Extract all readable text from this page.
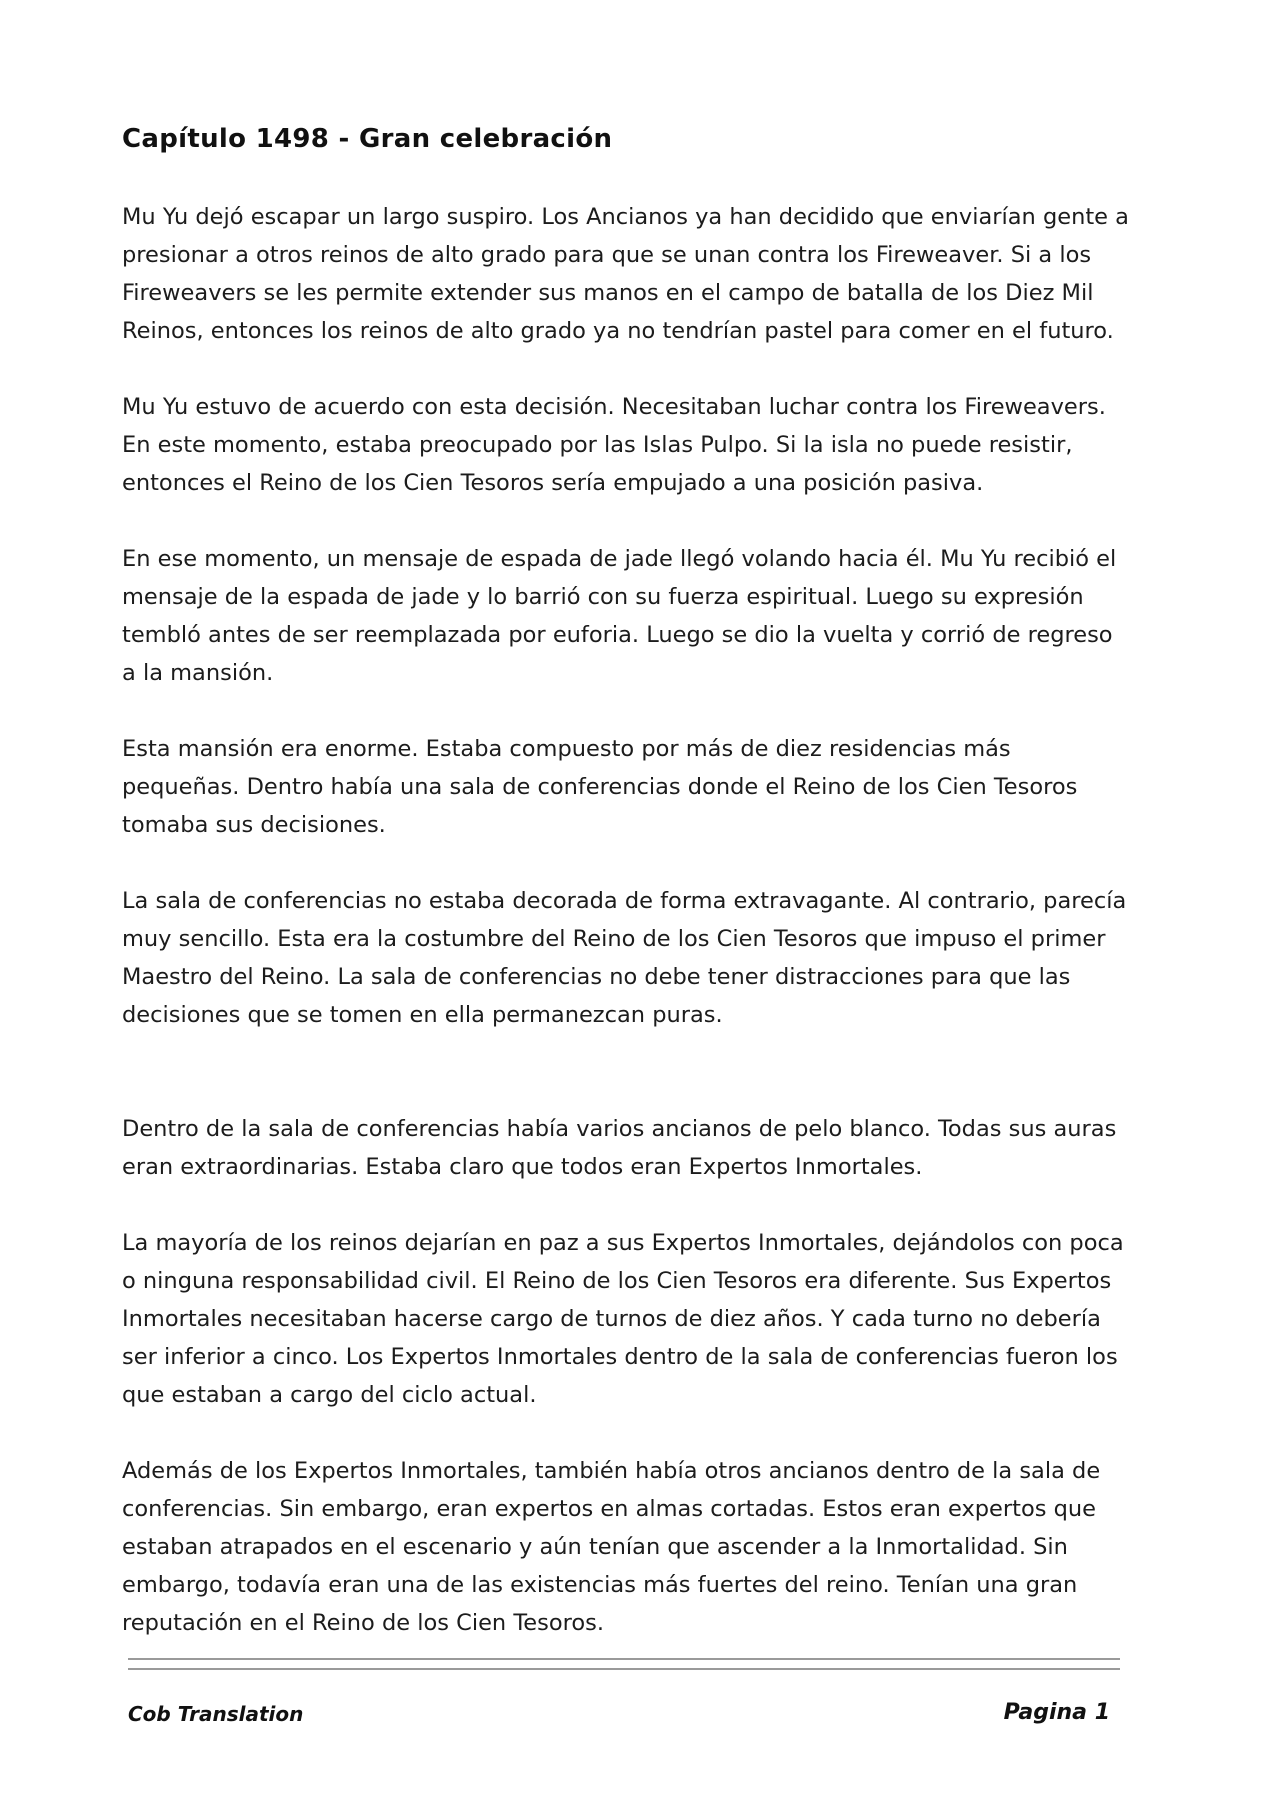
Capítulo 1498 - Gran celebración

Mu Yu dejó escapar un largo suspiro. Los Ancianos ya han decidido que enviarían gente a presionar a otros reinos de alto grado para que se unan contra los Fireweaver. Si a los Fireweavers se les permite extender sus manos en el campo de batalla de los Diez Mil Reinos, entonces los reinos de alto grado ya no tendrían pastel para comer en el futuro.

Mu Yu estuvo de acuerdo con esta decisión. Necesitaban luchar contra los Fireweavers. En este momento, estaba preocupado por las Islas Pulpo. Si la isla no puede resistir, entonces el Reino de los Cien Tesoros sería empujado a una posición pasiva.

En ese momento, un mensaje de espada de jade llegó volando hacia él. Mu Yu recibió el mensaje de la espada de jade y lo barrió con su fuerza espiritual. Luego su expresión tembló antes de ser reemplazada por euforia. Luego se dio la vuelta y corrió de regreso a la mansión.

Esta mansión era enorme. Estaba compuesto por más de diez residencias más pequeñas. Dentro había una sala de conferencias donde el Reino de los Cien Tesoros tomaba sus decisiones.

La sala de conferencias no estaba decorada de forma extravagante. Al contrario, parecía muy sencillo. Esta era la costumbre del Reino de los Cien Tesoros que impuso el primer Maestro del Reino. La sala de conferencias no debe tener distracciones para que las decisiones que se tomen en ella permanezcan puras.

Dentro de la sala de conferencias había varios ancianos de pelo blanco. Todas sus auras eran extraordinarias. Estaba claro que todos eran Expertos Inmortales.

La mayoría de los reinos dejarían en paz a sus Expertos Inmortales, dejándolos con poca o ninguna responsabilidad civil. El Reino de los Cien Tesoros era diferente. Sus Expertos Inmortales necesitaban hacerse cargo de turnos de diez años. Y cada turno no debería ser inferior a cinco. Los Expertos Inmortales dentro de la sala de conferencias fueron los que estaban a cargo del ciclo actual.

Además de los Expertos Inmortales, también había otros ancianos dentro de la sala de conferencias. Sin embargo, eran expertos en almas cortadas. Estos eran expertos que estaban atrapados en el escenario y aún tenían que ascender a la Inmortalidad. Sin embargo, todavía eran una de las existencias más fuertes del reino. Tenían una gran reputación en el Reino de los Cien Tesoros.

Cob Translation	Pagina 1
